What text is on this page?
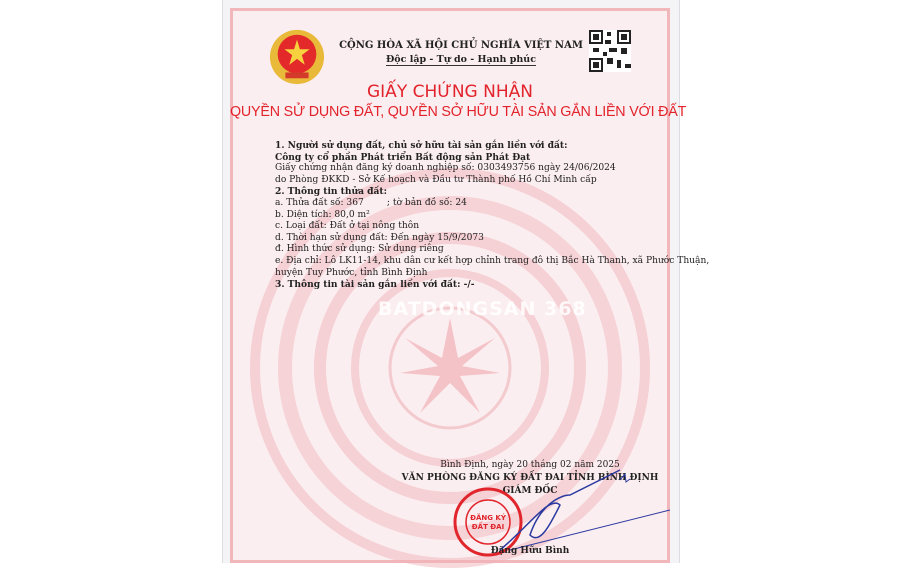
CỘNG HÒA XÃ HỘI CHỦ NGHĨA VIỆT NAM
Độc lập - Tự do - Hạnh phúc
GIẤY CHỨNG NHẬN
QUYỀN SỬ DỤNG ĐẤT, QUYỀN SỞ HỮU TÀI SẢN GẮN LIỀN VỚI ĐẤT
1. Người sử dụng đất, chủ sở hữu tài sản gắn liền với đất:
Công ty cổ phần Phát triển Bất động sản Phát Đạt
Giấy chứng nhận đăng ký doanh nghiệp số: 0303493756 ngày 24/06/2024
do Phòng ĐKKD - Sở Kế hoạch và Đầu tư Thành phố Hồ Chí Minh cấp
2. Thông tin thửa đất:
a. Thửa đất số: 367        ; tờ bản đồ số: 24
b. Diện tích: 80,0 m²
c. Loại đất: Đất ở tại nông thôn
d. Thời hạn sử dụng đất: Đến ngày 15/9/2073
đ. Hình thức sử dụng: Sử dụng riêng
e. Địa chỉ: Lô LK11-14, khu dân cư kết hợp chỉnh trang đô thị Bắc Hà Thanh, xã Phước Thuận,
huyện Tuy Phước, tỉnh Bình Định
3. Thông tin tài sản gắn liền với đất: -/-
BATDONGSAN 368
Bình Định, ngày 20 tháng 02 năm 2025
VĂN PHÒNG ĐĂNG KÝ ĐẤT ĐAI TỈNH BÌNH ĐỊNH
GIÁM ĐỐC
ĐĂNG KÝ
ĐẤT ĐAI
Đặng Hữu Bình
